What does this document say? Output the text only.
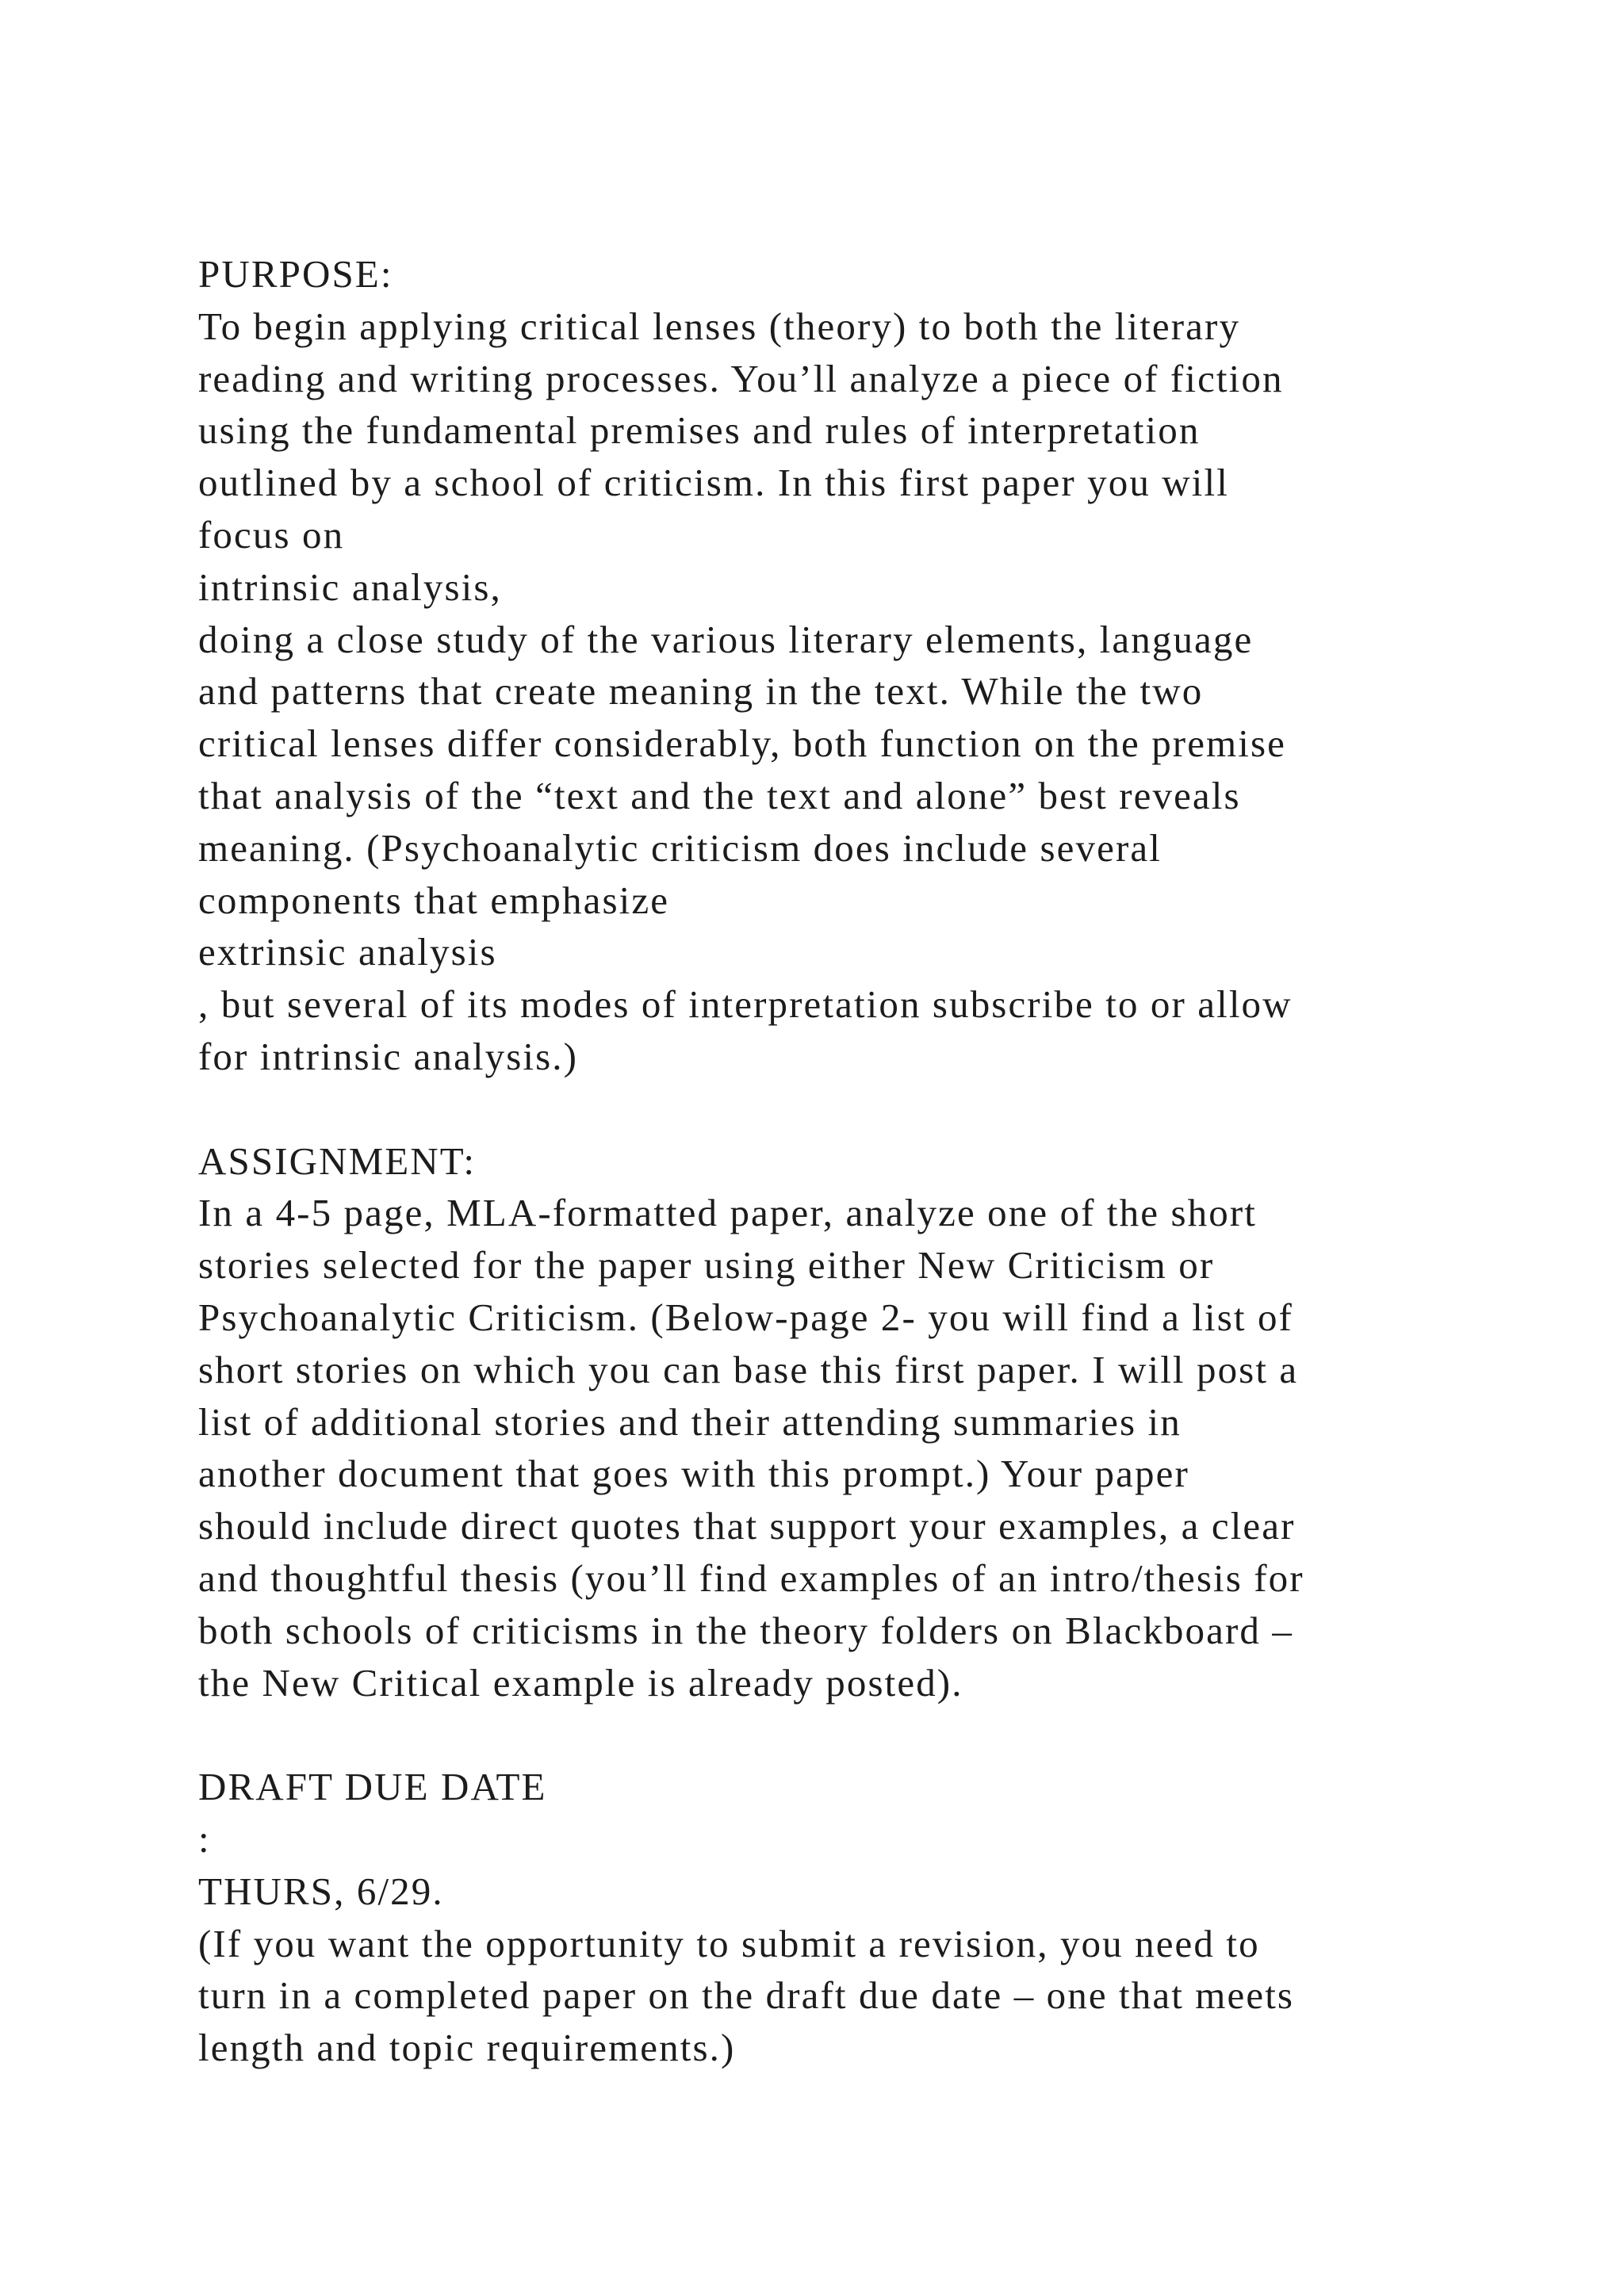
PURPOSE:
To begin applying critical lenses (theory) to both the literary
reading and writing processes. You’ll analyze a piece of fiction
using the fundamental premises and rules of interpretation
outlined by a school of criticism. In this first paper you will
focus on
intrinsic analysis,
doing a close study of the various literary elements, language
and patterns that create meaning in the text. While the two
critical lenses differ considerably, both function on the premise
that analysis of the “text and the text and alone” best reveals
meaning. (Psychoanalytic criticism does include several
components that emphasize
extrinsic analysis
, but several of its modes of interpretation subscribe to or allow
for intrinsic analysis.)
ASSIGNMENT:
In a 4-5 page, MLA-formatted paper, analyze one of the short
stories selected for the paper using either New Criticism or
Psychoanalytic Criticism. (Below-page 2- you will find a list of
short stories on which you can base this first paper. I will post a
list of additional stories and their attending summaries in
another document that goes with this prompt.) Your paper
should include direct quotes that support your examples, a clear
and thoughtful thesis (you’ll find examples of an intro/thesis for
both schools of criticisms in the theory folders on Blackboard –
the New Critical example is already posted).
DRAFT DUE DATE
:
THURS, 6/29.
(If you want the opportunity to submit a revision, you need to
turn in a completed paper on the draft due date – one that meets
length and topic requirements.)
